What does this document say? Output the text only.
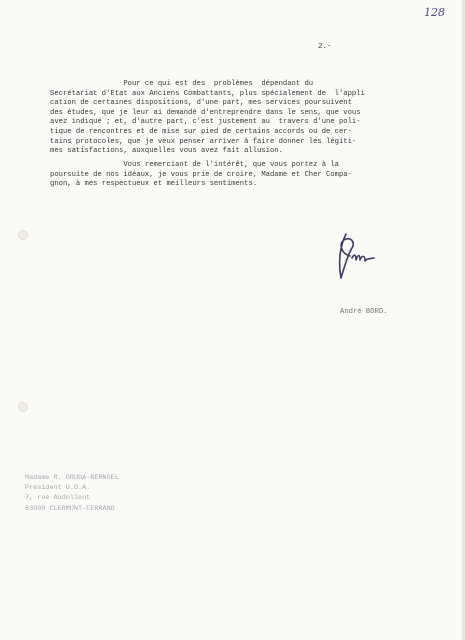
128
2.-
Pour ce qui est des  problèmes  dépendant du
Secrétariat d'Etat aux Anciens Combattants, plus spécialement de  l'appli
cation de certaines dispositions, d'une part, mes services poursuivent
des études, que je leur ai demandé d'entreprendre dans le sens, que vous
avez indiqué ; et, d'autre part, c'est justement au  travers d'une poli-
tique de rencontres et de mise sur pied de certains accords ou de cer-
tains protocoles, que je veux penser arriver à faire donner les légiti-
mes satisfactions, auxquelles vous avez fait allusion.
Vous remerciant de l'intérêt, que vous portez à la
poursuite de nos idéaux, je vous prie de croire, Madame et Cher Compa-
gnon, à mes respectueux et meilleurs sentiments.
André BORD.
Madame R. GRUDA-BERNOEL
Président U.D.A.
7, rue Audollent
63000 CLERMONT-FERRAND
